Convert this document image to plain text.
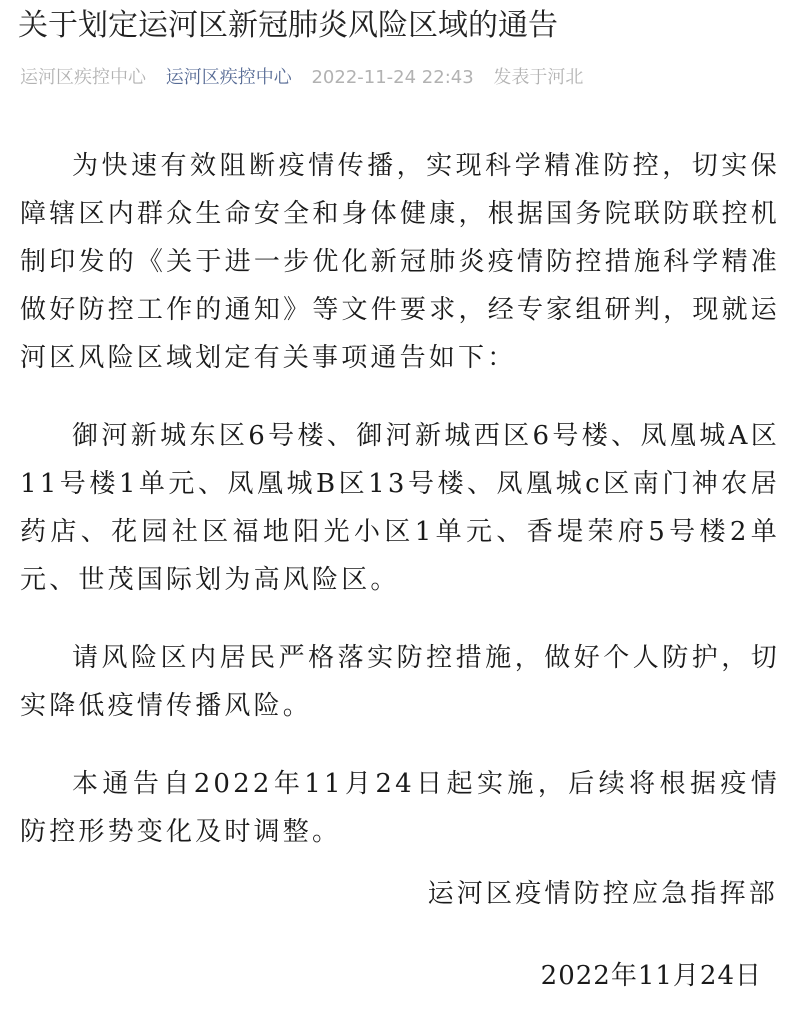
关于划定运河区新冠肺炎风险区域的通告
运河区疾控中心 运河区疾控中心 2022-11-24 22:43 发表于河北

为快速有效阻断疫情传播，实现科学精准防控，切实保障辖区内群众生命安全和身体健康，根据国务院联防联控机制印发的《关于进一步优化新冠肺炎疫情防控措施科学精准做好防控工作的通知》等文件要求，经专家组研判，现就运河区风险区域划定有关事项通告如下：

御河新城东区6号楼、御河新城西区6号楼、凤凰城A区11号楼1单元、凤凰城B区13号楼、凤凰城c区南门神农居药店、花园社区福地阳光小区1单元、香堤荣府5号楼2单元、世茂国际划为高风险区。

请风险区内居民严格落实防控措施，做好个人防护，切实降低疫情传播风险。

本通告自2022年11月24日起实施，后续将根据疫情防控形势变化及时调整。

运河区疫情防控应急指挥部
2022年11月24日
